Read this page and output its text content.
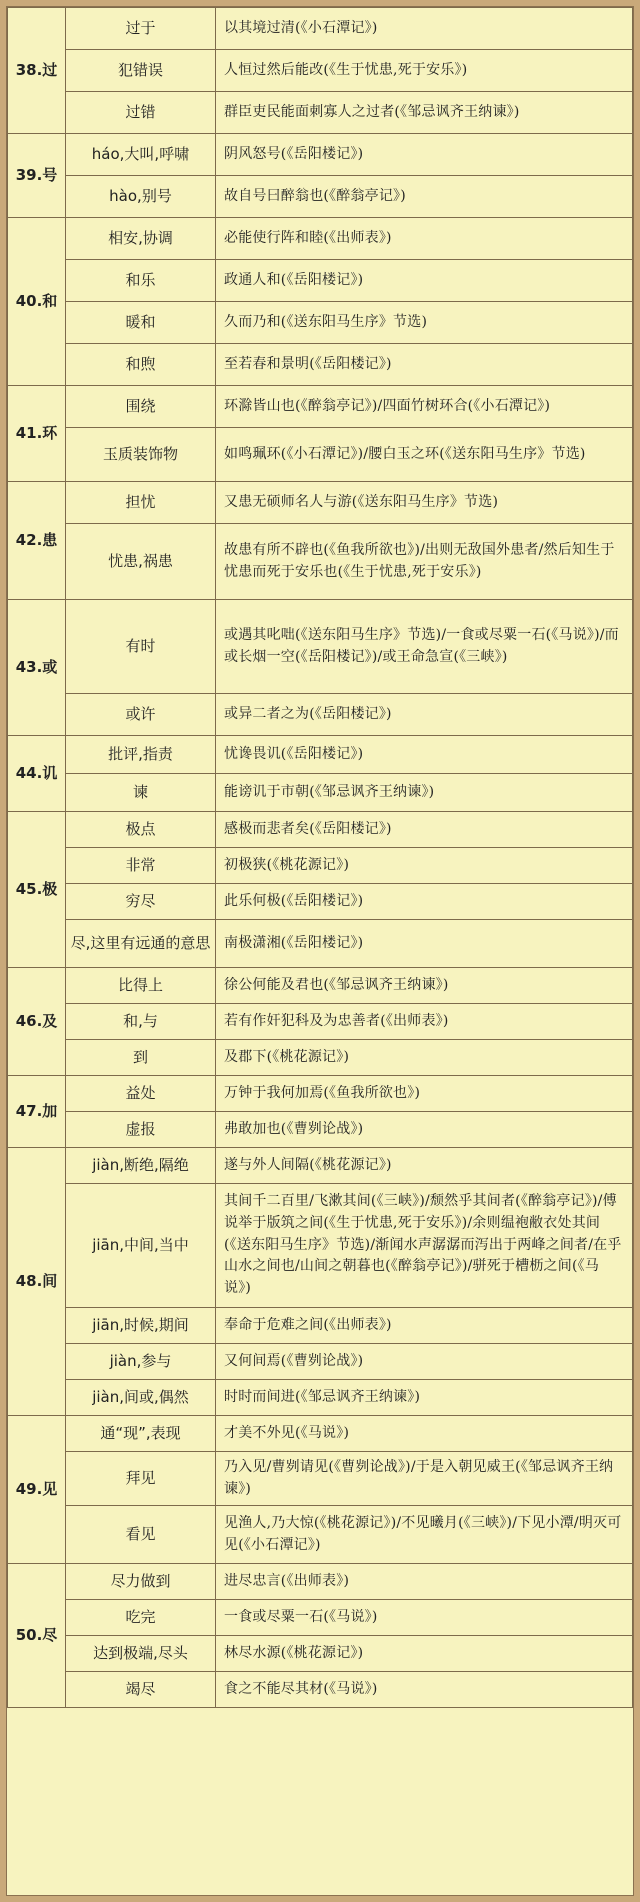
38.过	过于	以其境过清(《小石潭记》)
	犯错误	人恒过然后能改(《生于忧患,死于安乐》)
	过错	群臣吏民能面刺寡人之过者(《邹忌讽齐王纳谏》)
39.号	háo,大叫,呼啸	阴风怒号(《岳阳楼记》)
	hào,别号	故自号曰醉翁也(《醉翁亭记》)
40.和	相安,协调	必能使行阵和睦(《出师表》)
	和乐	政通人和(《岳阳楼记》)
	暖和	久而乃和(《送东阳马生序》节选)
	和煦	至若春和景明(《岳阳楼记》)
41.环	围绕	环滁皆山也(《醉翁亭记》)/四面竹树环合(《小石潭记》)
	玉质装饰物	如鸣珮环(《小石潭记》)/腰白玉之环(《送东阳马生序》节选)
42.患	担忧	又患无硕师名人与游(《送东阳马生序》节选)
	忧患,祸患	故患有所不辟也(《鱼我所欲也》)/出则无敌国外患者/然后知生于忧患而死于安乐也(《生于忧患,死于安乐》)
43.或	有时	或遇其叱咄(《送东阳马生序》节选)/一食或尽粟一石(《马说》)/而或长烟一空(《岳阳楼记》)/或王命急宣(《三峡》)
	或许	或异二者之为(《岳阳楼记》)
44.讥	批评,指责	忧谗畏讥(《岳阳楼记》)
	谏	能谤讥于市朝(《邹忌讽齐王纳谏》)
45.极	极点	感极而悲者矣(《岳阳楼记》)
	非常	初极狭(《桃花源记》)
	穷尽	此乐何极(《岳阳楼记》)
	尽,这里有远通的意思	南极潇湘(《岳阳楼记》)
46.及	比得上	徐公何能及君也(《邹忌讽齐王纳谏》)
	和,与	若有作奸犯科及为忠善者(《出师表》)
	到	及郡下(《桃花源记》)
47.加	益处	万钟于我何加焉(《鱼我所欲也》)
	虚报	弗敢加也(《曹刿论战》)
48.间	jiàn,断绝,隔绝	遂与外人间隔(《桃花源记》)
	jiān,中间,当中	其间千二百里/飞漱其间(《三峡》)/颓然乎其间者(《醉翁亭记》)/傅说举于版筑之间(《生于忧患,死于安乐》)/余则缊袍敝衣处其间(《送东阳马生序》节选)/渐闻水声潺潺而泻出于两峰之间者/在乎山水之间也/山间之朝暮也(《醉翁亭记》)/骈死于槽枥之间(《马说》)
	jiān,时候,期间	奉命于危难之间(《出师表》)
	jiàn,参与	又何间焉(《曹刿论战》)
	jiàn,间或,偶然	时时而间进(《邹忌讽齐王纳谏》)
49.见	通“现”,表现	才美不外见(《马说》)
	拜见	乃入见/曹刿请见(《曹刿论战》)/于是入朝见威王(《邹忌讽齐王纳谏》)
	看见	见渔人,乃大惊(《桃花源记》)/不见曦月(《三峡》)/下见小潭/明灭可见(《小石潭记》)
50.尽	尽力做到	进尽忠言(《出师表》)
	吃完	一食或尽粟一石(《马说》)
	达到极端,尽头	林尽水源(《桃花源记》)
	竭尽	食之不能尽其材(《马说》)
